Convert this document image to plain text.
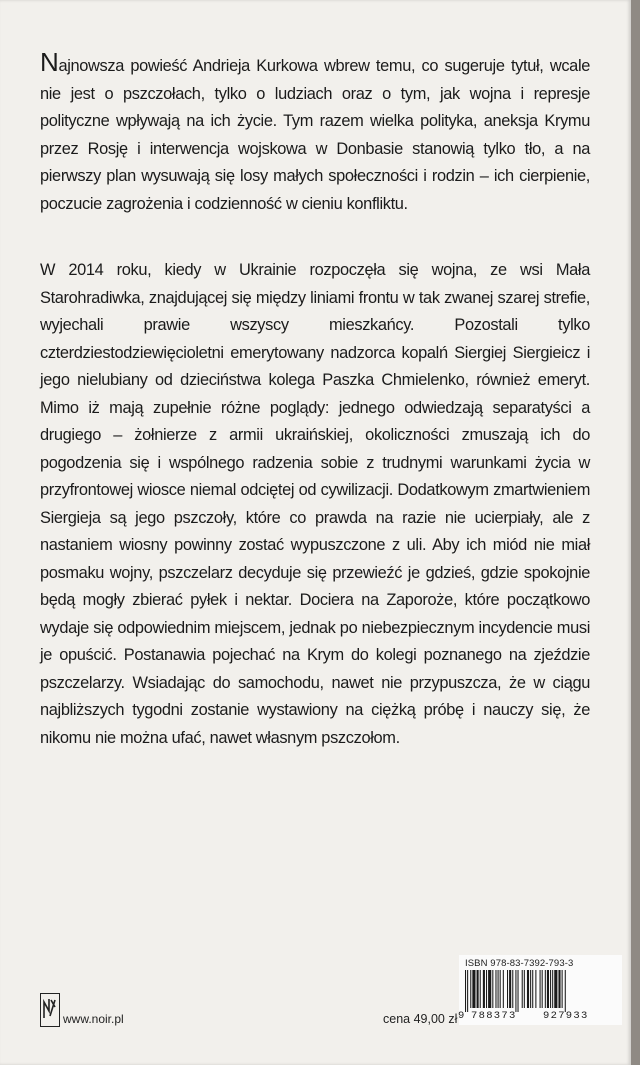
Najnowsza powieść Andrieja Kurkowa wbrew temu, co sugeruje tytuł, wcale nie jest o pszczołach, tylko o ludziach oraz o tym, jak wojna i represje polityczne wpływają na ich życie. Tym razem wielka polityka, aneksja Krymu przez Rosję i interwencja wojskowa w Donbasie stanowią tylko tło, a na pierwszy plan wysuwają się losy małych społeczności i rodzin – ich cierpienie, poczucie zagrożenia i codzienność w cieniu konfliktu.

W 2014 roku, kiedy w Ukrainie rozpoczęła się wojna, ze wsi Mała Starohradiwka, znajdującej się między liniami frontu w tak zwanej szarej strefie, wyjechali prawie wszyscy mieszkańcy. Pozostali tylko czterdziestodziewięcioletni emerytowany nadzorca kopalń Siergiej Siergieicz i jego nielubiany od dzieciństwa kolega Paszka Chmielenko, również emeryt. Mimo iż mają zupełnie różne poglądy: jednego odwiedzają separatyści a drugiego – żołnierze z armii ukraińskiej, okoliczności zmuszają ich do pogodzenia się i wspólnego radzenia sobie z trudnymi warunkami życia w przyfrontowej wiosce niemal odciętej od cywilizacji. Dodatkowym zmartwieniem Siergieja są jego pszczoły, które co prawda na razie nie ucierpiały, ale z nastaniem wiosny powinny zostać wypuszczone z uli. Aby ich miód nie miał posmaku wojny, pszczelarz decyduje się przewieźć je gdzieś, gdzie spokojnie będą mogły zbierać pyłek i nektar. Dociera na Zaporoże, które początkowo wydaje się odpowiednim miejscem, jednak po niebezpiecznym incydencie musi je opuścić. Postanawia pojechać na Krym do kolegi poznanego na zjeździe pszczelarzy. Wsiadając do samochodu, nawet nie przypuszcza, że w ciągu najbliższych tygodni zostanie wystawiony na ciężką próbę i nauczy się, że nikomu nie można ufać, nawet własnym pszczołom.

www.noir.pl	cena 49,00 zł
ISBN 978-83-7392-793-3
9 788373	927933
